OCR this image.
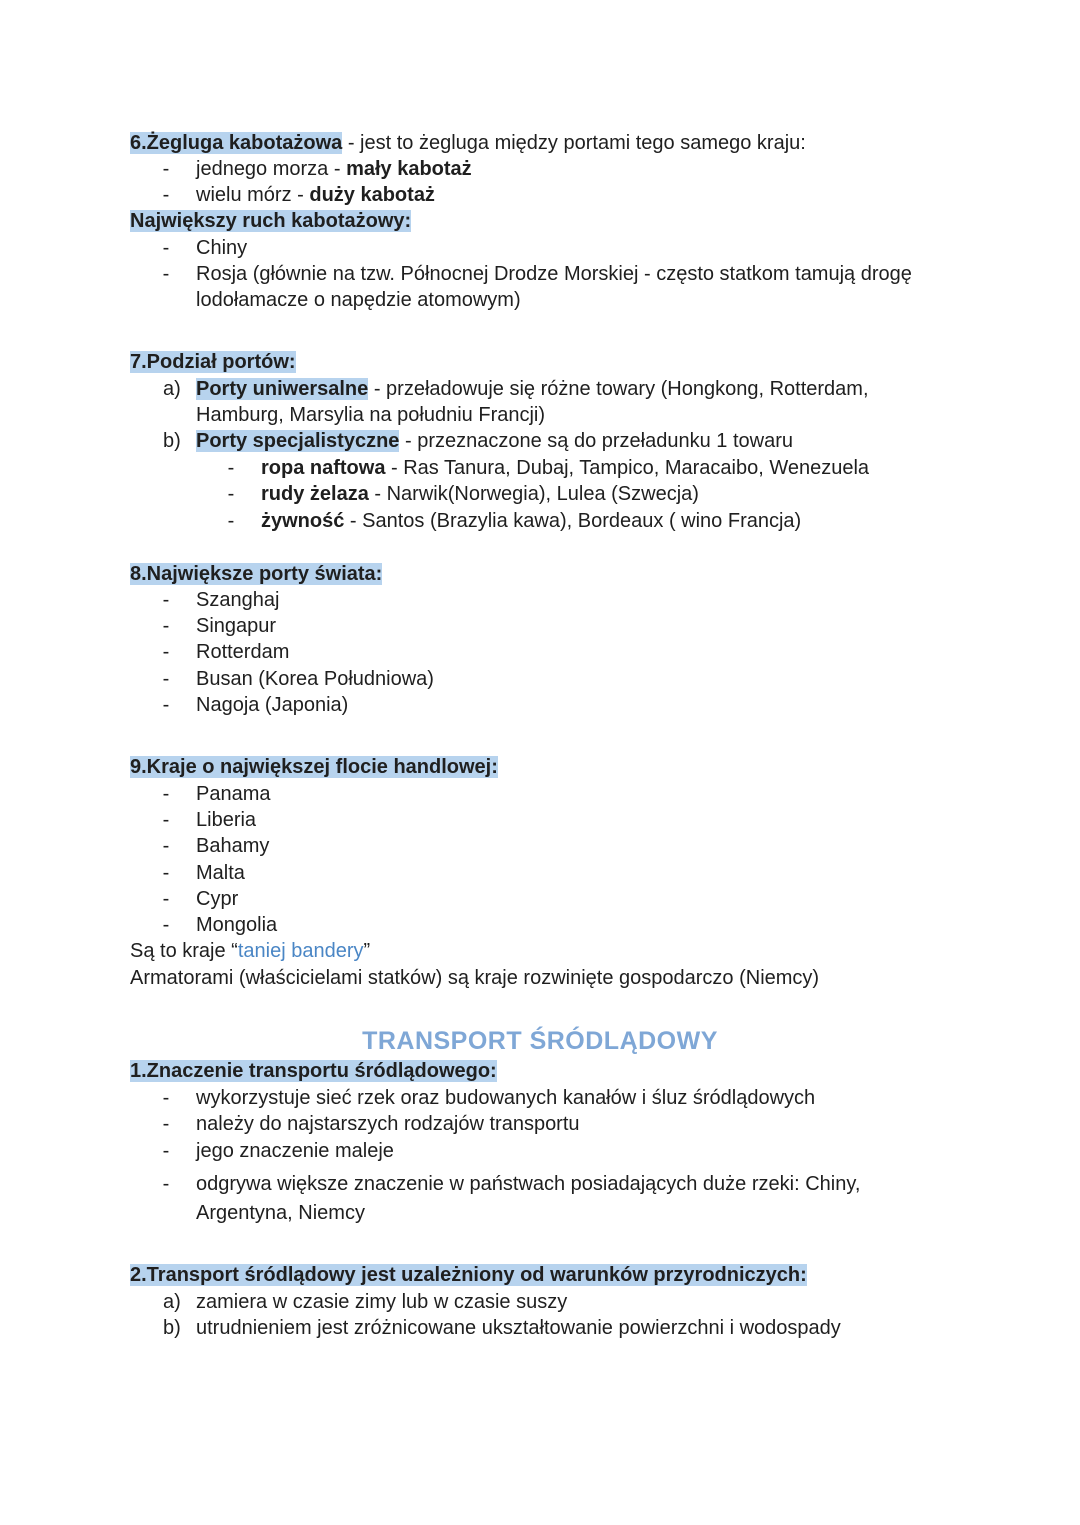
6.Żegluga kabotażowa - jest to żegluga między portami tego samego kraju:
- jednego morza - mały kabotaż
- wielu mórz - duży kabotaż
Największy ruch kabotażowy:
- Chiny
- Rosja (głównie na tzw. Północnej Drodze Morskiej - często statkom tamują drogę
lodołamacze o napędzie atomowym)
7.Podział portów:
a) Porty uniwersalne - przeładowuje się różne towary (Hongkong, Rotterdam,
Hamburg, Marsylia na południu Francji)
b) Porty specjalistyczne - przeznaczone są do przeładunku 1 towaru
- ropa naftowa - Ras Tanura, Dubaj, Tampico, Maracaibo, Wenezuela
- rudy żelaza - Narwik(Norwegia), Lulea (Szwecja)
- żywność - Santos (Brazylia kawa), Bordeaux ( wino Francja)
8.Największe porty świata:
- Szanghaj
- Singapur
- Rotterdam
- Busan (Korea Południowa)
- Nagoja (Japonia)
9.Kraje o największej flocie handlowej:
- Panama
- Liberia
- Bahamy
- Malta
- Cypr
- Mongolia
Są to kraje “taniej bandery”
Armatorami (właścicielami statków) są kraje rozwinięte gospodarczo (Niemcy)
TRANSPORT ŚRÓDLĄDOWY
1.Znaczenie transportu śródlądowego:
- wykorzystuje sieć rzek oraz budowanych kanałów i śluz śródlądowych
- należy do najstarszych rodzajów transportu
- jego znaczenie maleje
- odgrywa większe znaczenie w państwach posiadających duże rzeki: Chiny,
Argentyna, Niemcy
2.Transport śródlądowy jest uzależniony od warunków przyrodniczych:
a) zamiera w czasie zimy lub w czasie suszy
b) utrudnieniem jest zróżnicowane ukształtowanie powierzchni i wodospady
